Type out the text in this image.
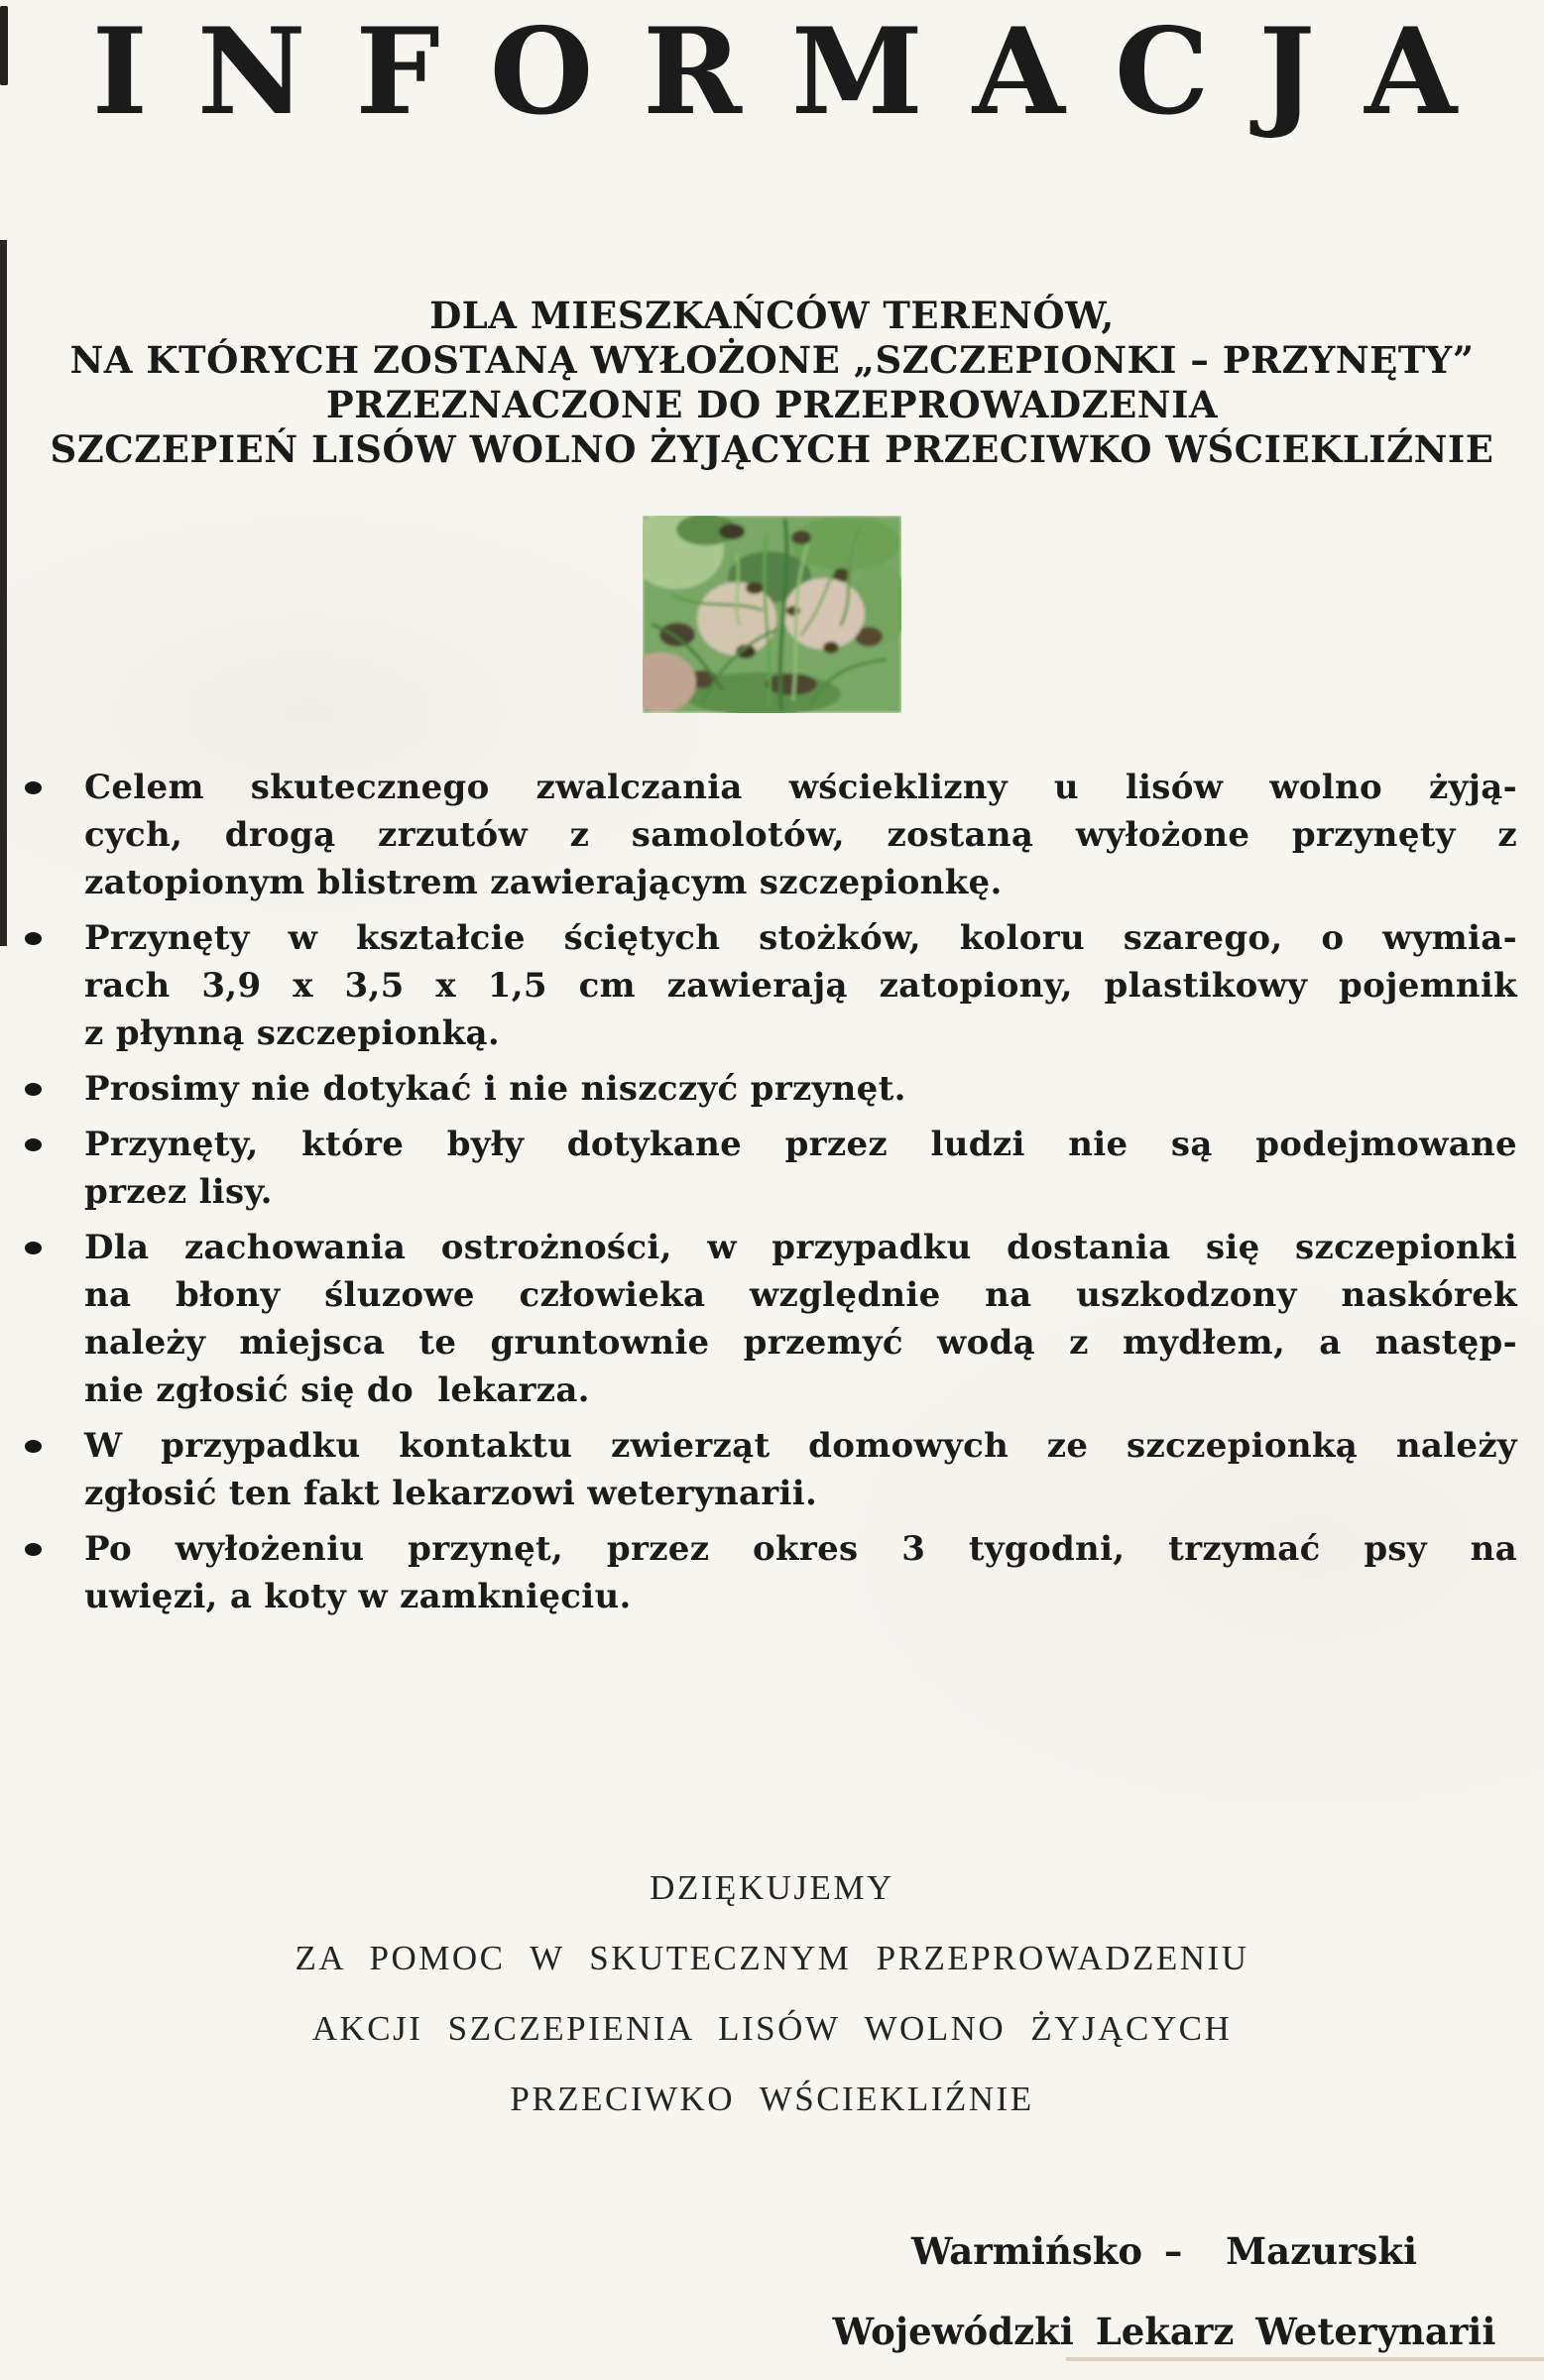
INFORMACJA
DLA MIESZKAŃCÓW TERENÓW,
NA KTÓRYCH ZOSTANĄ WYŁOŻONE „SZCZEPIONKI – PRZYNĘTY”
PRZEZNACZONE DO PRZEPROWADZENIA
SZCZEPIEŃ LISÓW WOLNO ŻYJĄCYCH PRZECIWKO WŚCIEKLIŹNIE
Celem skutecznego zwalczania wścieklizny u lisów wolno żyją-
cych, drogą zrzutów z samolotów, zostaną wyłożone przynęty z
zatopionym blistrem zawierającym szczepionkę.
Przynęty w kształcie ściętych stożków, koloru szarego, o wymia-
rach 3,9 x 3,5 x 1,5 cm zawierają zatopiony, plastikowy pojemnik
z płynną szczepionką.
Prosimy nie dotykać i nie niszczyć przynęt.
Przynęty, które były dotykane przez ludzi nie są podejmowane
przez lisy.
Dla zachowania ostrożności, w przypadku dostania się szczepionki
na błony śluzowe człowieka względnie na uszkodzony naskórek
należy miejsca te gruntownie przemyć wodą z mydłem, a następ-
nie zgłosić się do  lekarza.
W przypadku kontaktu zwierząt domowych ze szczepionką należy
zgłosić ten fakt lekarzowi weterynarii.
Po wyłożeniu przynęt, przez okres 3 tygodni, trzymać psy na
uwięzi, a koty w zamknięciu.
DZIĘKUJEMY
ZA POMOC W SKUTECZNYM PRZEPROWADZENIU
AKCJI SZCZEPIENIA LISÓW WOLNO ŻYJĄCYCH
PRZECIWKO WŚCIEKLIŹNIE
Warmińsko –  Mazurski
Wojewódzki Lekarz Weterynarii
